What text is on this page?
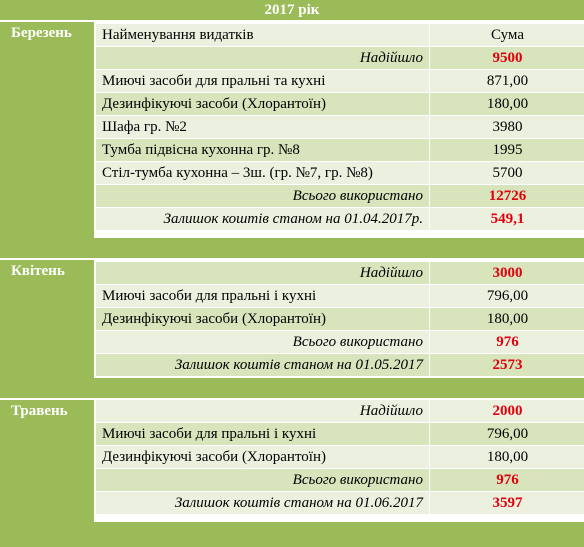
2017 рік
Березень	Найменування видатків	Сума
Надійшло	9500
Миючі засоби для пральні та кухні	871,00
Дезинфікуючі засоби (Хлорантоїн)	180,00
Шафа гр. №2	3980
Тумба підвісна кухонна гр. №8	1995
Стіл-тумба кухонна – 3ш. (гр. №7, гр. №8)	5700
Всього використано	12726
Залишок коштів станом на 01.04.2017р.	549,1
Квітень	Надійшло	3000
Миючі засоби для пральні і кухні	796,00
Дезинфікуючі засоби (Хлорантоїн)	180,00
Всього використано	976
Залишок коштів станом на 01.05.2017	2573
Травень	Надійшло	2000
Миючі засоби для пральні і кухні	796,00
Дезинфікуючі засоби (Хлорантоїн)	180,00
Всього використано	976
Залишок коштів станом на 01.06.2017	3597
